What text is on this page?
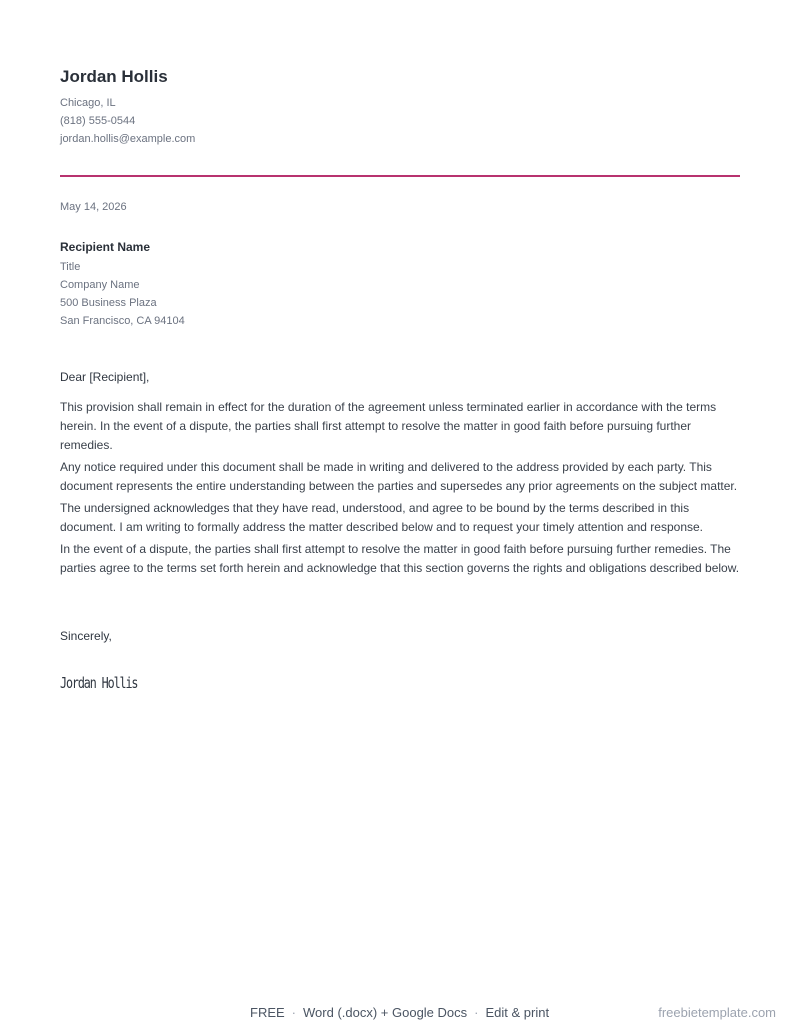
Jordan Hollis
Chicago, IL
(818) 555-0544
jordan.hollis@example.com
May 14, 2026
Recipient Name
Title
Company Name
500 Business Plaza
San Francisco, CA 94104
Dear [Recipient],

This provision shall remain in effect for the duration of the agreement unless terminated earlier in accordance with the terms herein. In the event of a dispute, the parties shall first attempt to resolve the matter in good faith before pursuing further remedies.

Any notice required under this document shall be made in writing and delivered to the address provided by each party. This document represents the entire understanding between the parties and supersedes any prior agreements on the subject matter.

The undersigned acknowledges that they have read, understood, and agree to be bound by the terms described in this document. I am writing to formally address the matter described below and to request your timely attention and response.

In the event of a dispute, the parties shall first attempt to resolve the matter in good faith before pursuing further remedies. The parties agree to the terms set forth herein and acknowledge that this section governs the rights and obligations described below.

Sincerely,
Jordan Hollis
FREE · Word (.docx) + Google Docs · Edit & print	freebietemplate.com
